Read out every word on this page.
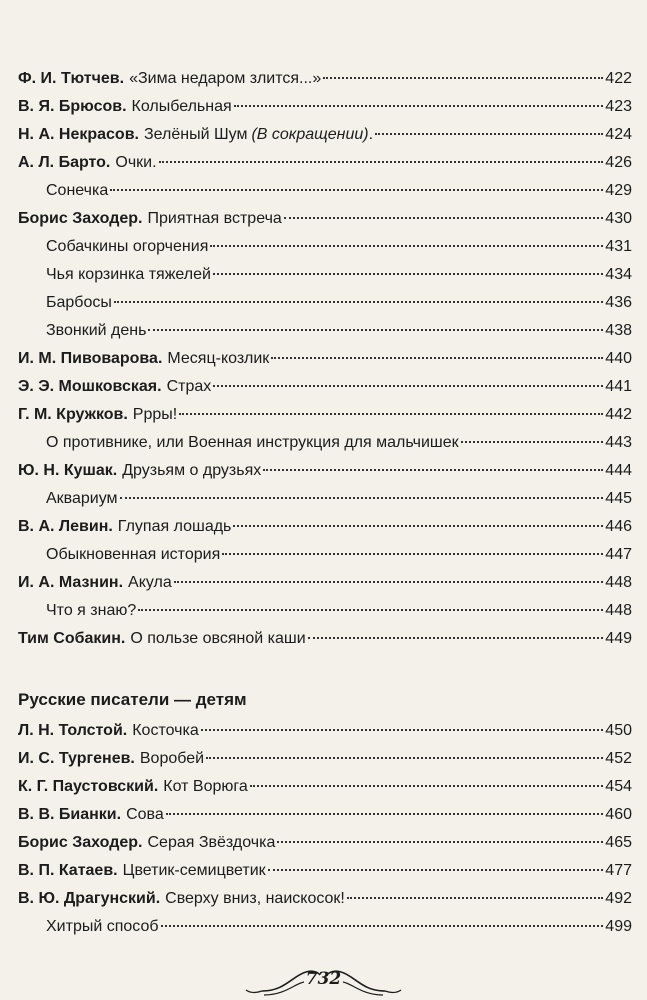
Ф. И. Тютчев. «Зима недаром злится...»	422
В. Я. Брюсов. Колыбельная	423
Н. А. Некрасов. Зелёный Шум (В сокращении) .	424
А. Л. Барто. Очки.	426
Сонечка	429
Борис Заходер. Приятная встреча	430
Собачкины огорчения	431
Чья корзинка тяжелей	434
Барбосы	436
Звонкий день	438
И. М. Пивоварова. Месяц-козлик	440
Э. Э. Мошковская. Страх	441
Г. М. Кружков. Ррры!	442
О противнике, или Военная инструкция для мальчишек	443
Ю. Н. Кушак. Друзьям о друзьях	444
Аквариум	445
В. А. Левин. Глупая лошадь	446
Обыкновенная история	447
И. А. Мазнин. Акула	448
Что я знаю?	448
Тим Собакин. О пользе овсяной каши	449
Русские писатели — детям
Л. Н. Толстой. Косточка	450
И. С. Тургенев. Воробей	452
К. Г. Паустовский. Кот Ворюга	454
В. В. Бианки. Сова	460
Борис Заходер. Серая Звёздочка	465
В. П. Катаев. Цветик-семицветик	477
В. Ю. Драгунский. Сверху вниз, наискосок!	492
Хитрый способ	499
732
